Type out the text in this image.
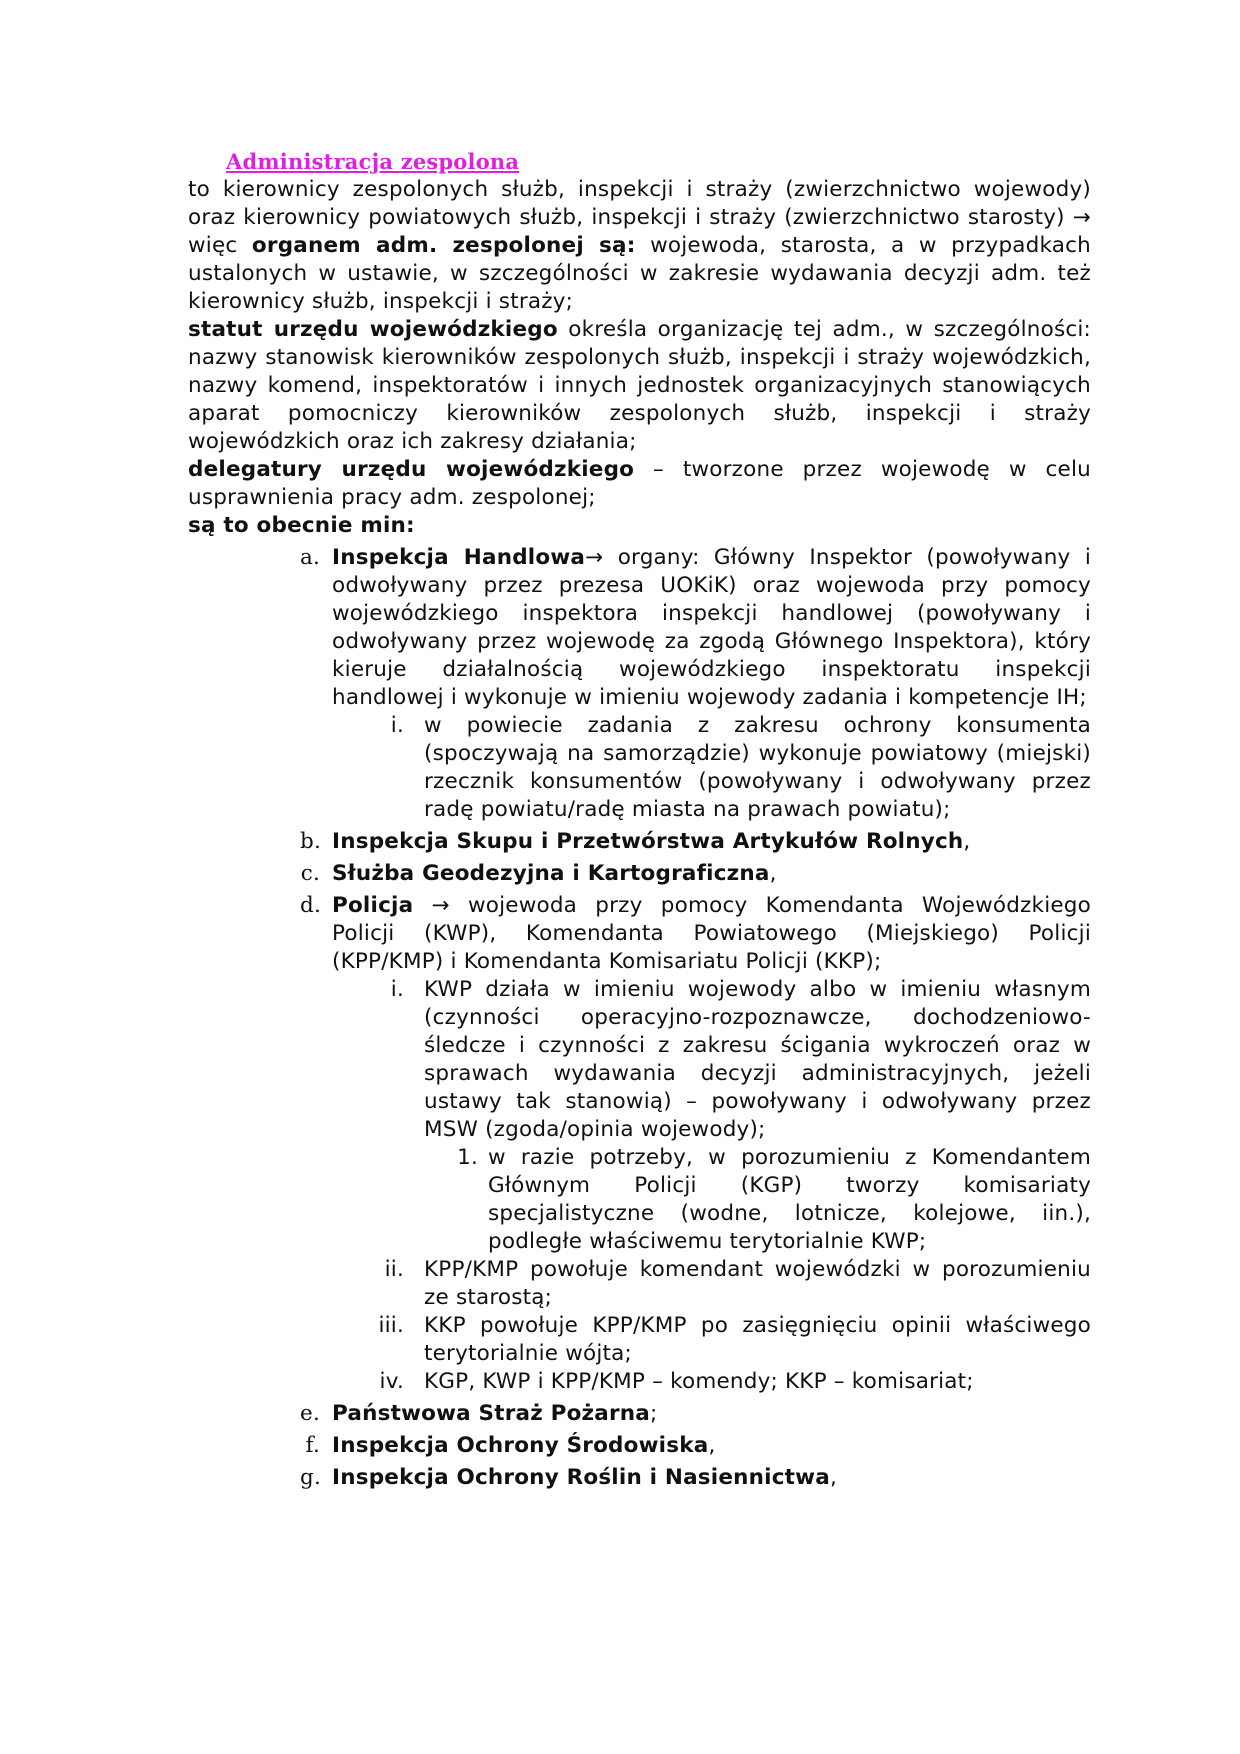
Administracja zespolona

to kierownicy zespolonych służb, inspekcji i straży (zwierzchnictwo wojewody) oraz kierownicy powiatowych służb, inspekcji i straży (zwierzchnictwo starosty) → więc organem adm. zespolonej są: wojewoda, starosta, a w przypadkach ustalonych w ustawie, w szczególności w zakresie wydawania decyzji adm. też kierownicy służb, inspekcji i straży;

statut urzędu wojewódzkiego określa organizację tej adm., w szczególności: nazwy stanowisk kierowników zespolonych służb, inspekcji i straży wojewódzkich, nazwy komend, inspektoratów i innych jednostek organizacyjnych stanowiących aparat pomocniczy kierowników zespolonych służb, inspekcji i straży wojewódzkich oraz ich zakresy działania;

delegatury urzędu wojewódzkiego – tworzone przez wojewodę w celu usprawnienia pracy adm. zespolonej;

są to obecnie min:

a. Inspekcja Handlowa→ organy: Główny Inspektor (powoływany i odwoływany przez prezesa UOKiK) oraz wojewoda przy pomocy wojewódzkiego inspektora inspekcji handlowej (powoływany i odwoływany przez wojewodę za zgodą Głównego Inspektora), który kieruje działalnością wojewódzkiego inspektoratu inspekcji handlowej i wykonuje w imieniu wojewody zadania i kompetencje IH;
i. w powiecie zadania z zakresu ochrony konsumenta (spoczywają na samorządzie) wykonuje powiatowy (miejski) rzecznik konsumentów (powoływany i odwoływany przez radę powiatu/radę miasta na prawach powiatu);
b. Inspekcja Skupu i Przetwórstwa Artykułów Rolnych,
c. Służba Geodezyjna i Kartograficzna,
d. Policja → wojewoda przy pomocy Komendanta Wojewódzkiego Policji (KWP), Komendanta Powiatowego (Miejskiego) Policji (KPP/KMP) i Komendanta Komisariatu Policji (KKP);
i. KWP działa w imieniu wojewody albo w imieniu własnym (czynności operacyjno-rozpoznawcze, dochodzeniowo-śledcze i czynności z zakresu ścigania wykroczeń oraz w sprawach wydawania decyzji administracyjnych, jeżeli ustawy tak stanowią) – powoływany i odwoływany przez MSW (zgoda/opinia wojewody);
1. w razie potrzeby, w porozumieniu z Komendantem Głównym Policji (KGP) tworzy komisariaty specjalistyczne (wodne, lotnicze, kolejowe, iin.), podległe właściwemu terytorialnie KWP;
ii. KPP/KMP powołuje komendant wojewódzki w porozumieniu ze starostą;
iii. KKP powołuje KPP/KMP po zasięgnięciu opinii właściwego terytorialnie wójta;
iv. KGP, KWP i KPP/KMP – komendy; KKP – komisariat;
e. Państwowa Straż Pożarna;
f. Inspekcja Ochrony Środowiska,
g. Inspekcja Ochrony Roślin i Nasiennictwa,
